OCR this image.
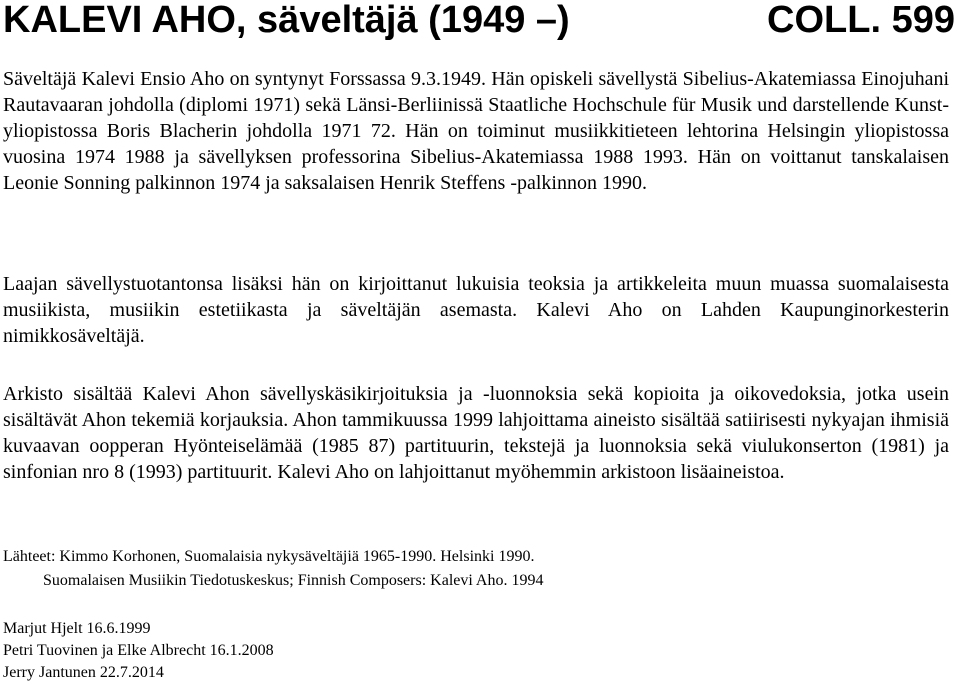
KALEVI AHO, säveltäjä (1949 –)	COLL. 599

Säveltäjä Kalevi Ensio Aho on syntynyt Forssassa 9.3.1949. Hän opiskeli sävellystä Sibelius-Akatemiassa Einojuhani Rautavaaran johdolla (diplomi 1971) sekä Länsi-Berliinissä Staatliche Hochschule für Musik und darstellende Kunst-yliopistossa Boris Blacherin johdolla 1971 72. Hän on toiminut musiikkitieteen lehtorina Helsingin yliopistossa vuosina 1974 1988 ja sävellyksen professorina Sibelius-Akatemiassa 1988 1993. Hän on voittanut tanskalaisen Leonie Sonning palkinnon 1974 ja saksalaisen Henrik Steffens -palkinnon 1990.

Laajan sävellystuotantonsa lisäksi hän on kirjoittanut lukuisia teoksia ja artikkeleita muun muassa suomalaisesta musiikista, musiikin estetiikasta ja säveltäjän asemasta. Kalevi Aho on Lahden Kaupunginorkesterin nimikkosäveltäjä.

Arkisto sisältää Kalevi Ahon sävellyskäsikirjoituksia ja -luonnoksia sekä kopioita ja oikovedoksia, jotka usein sisältävät Ahon tekemiä korjauksia. Ahon tammikuussa 1999 lahjoittama aineisto sisältää satiirisesti nykyajan ihmisiä kuvaavan oopperan Hyönteiselämää (1985 87) partituurin, tekstejä ja luonnoksia sekä viulukonserton (1981) ja sinfonian nro 8 (1993) partituurit. Kalevi Aho on lahjoittanut myöhemmin arkistoon lisäaineistoa.

Lähteet: Kimmo Korhonen, Suomalaisia nykysäveltäjiä 1965-1990. Helsinki 1990.

Suomalaisen Musiikin Tiedotuskeskus; Finnish Composers: Kalevi Aho. 1994

Marjut Hjelt 16.6.1999

Petri Tuovinen ja Elke Albrecht 16.1.2008

Jerry Jantunen 22.7.2014
